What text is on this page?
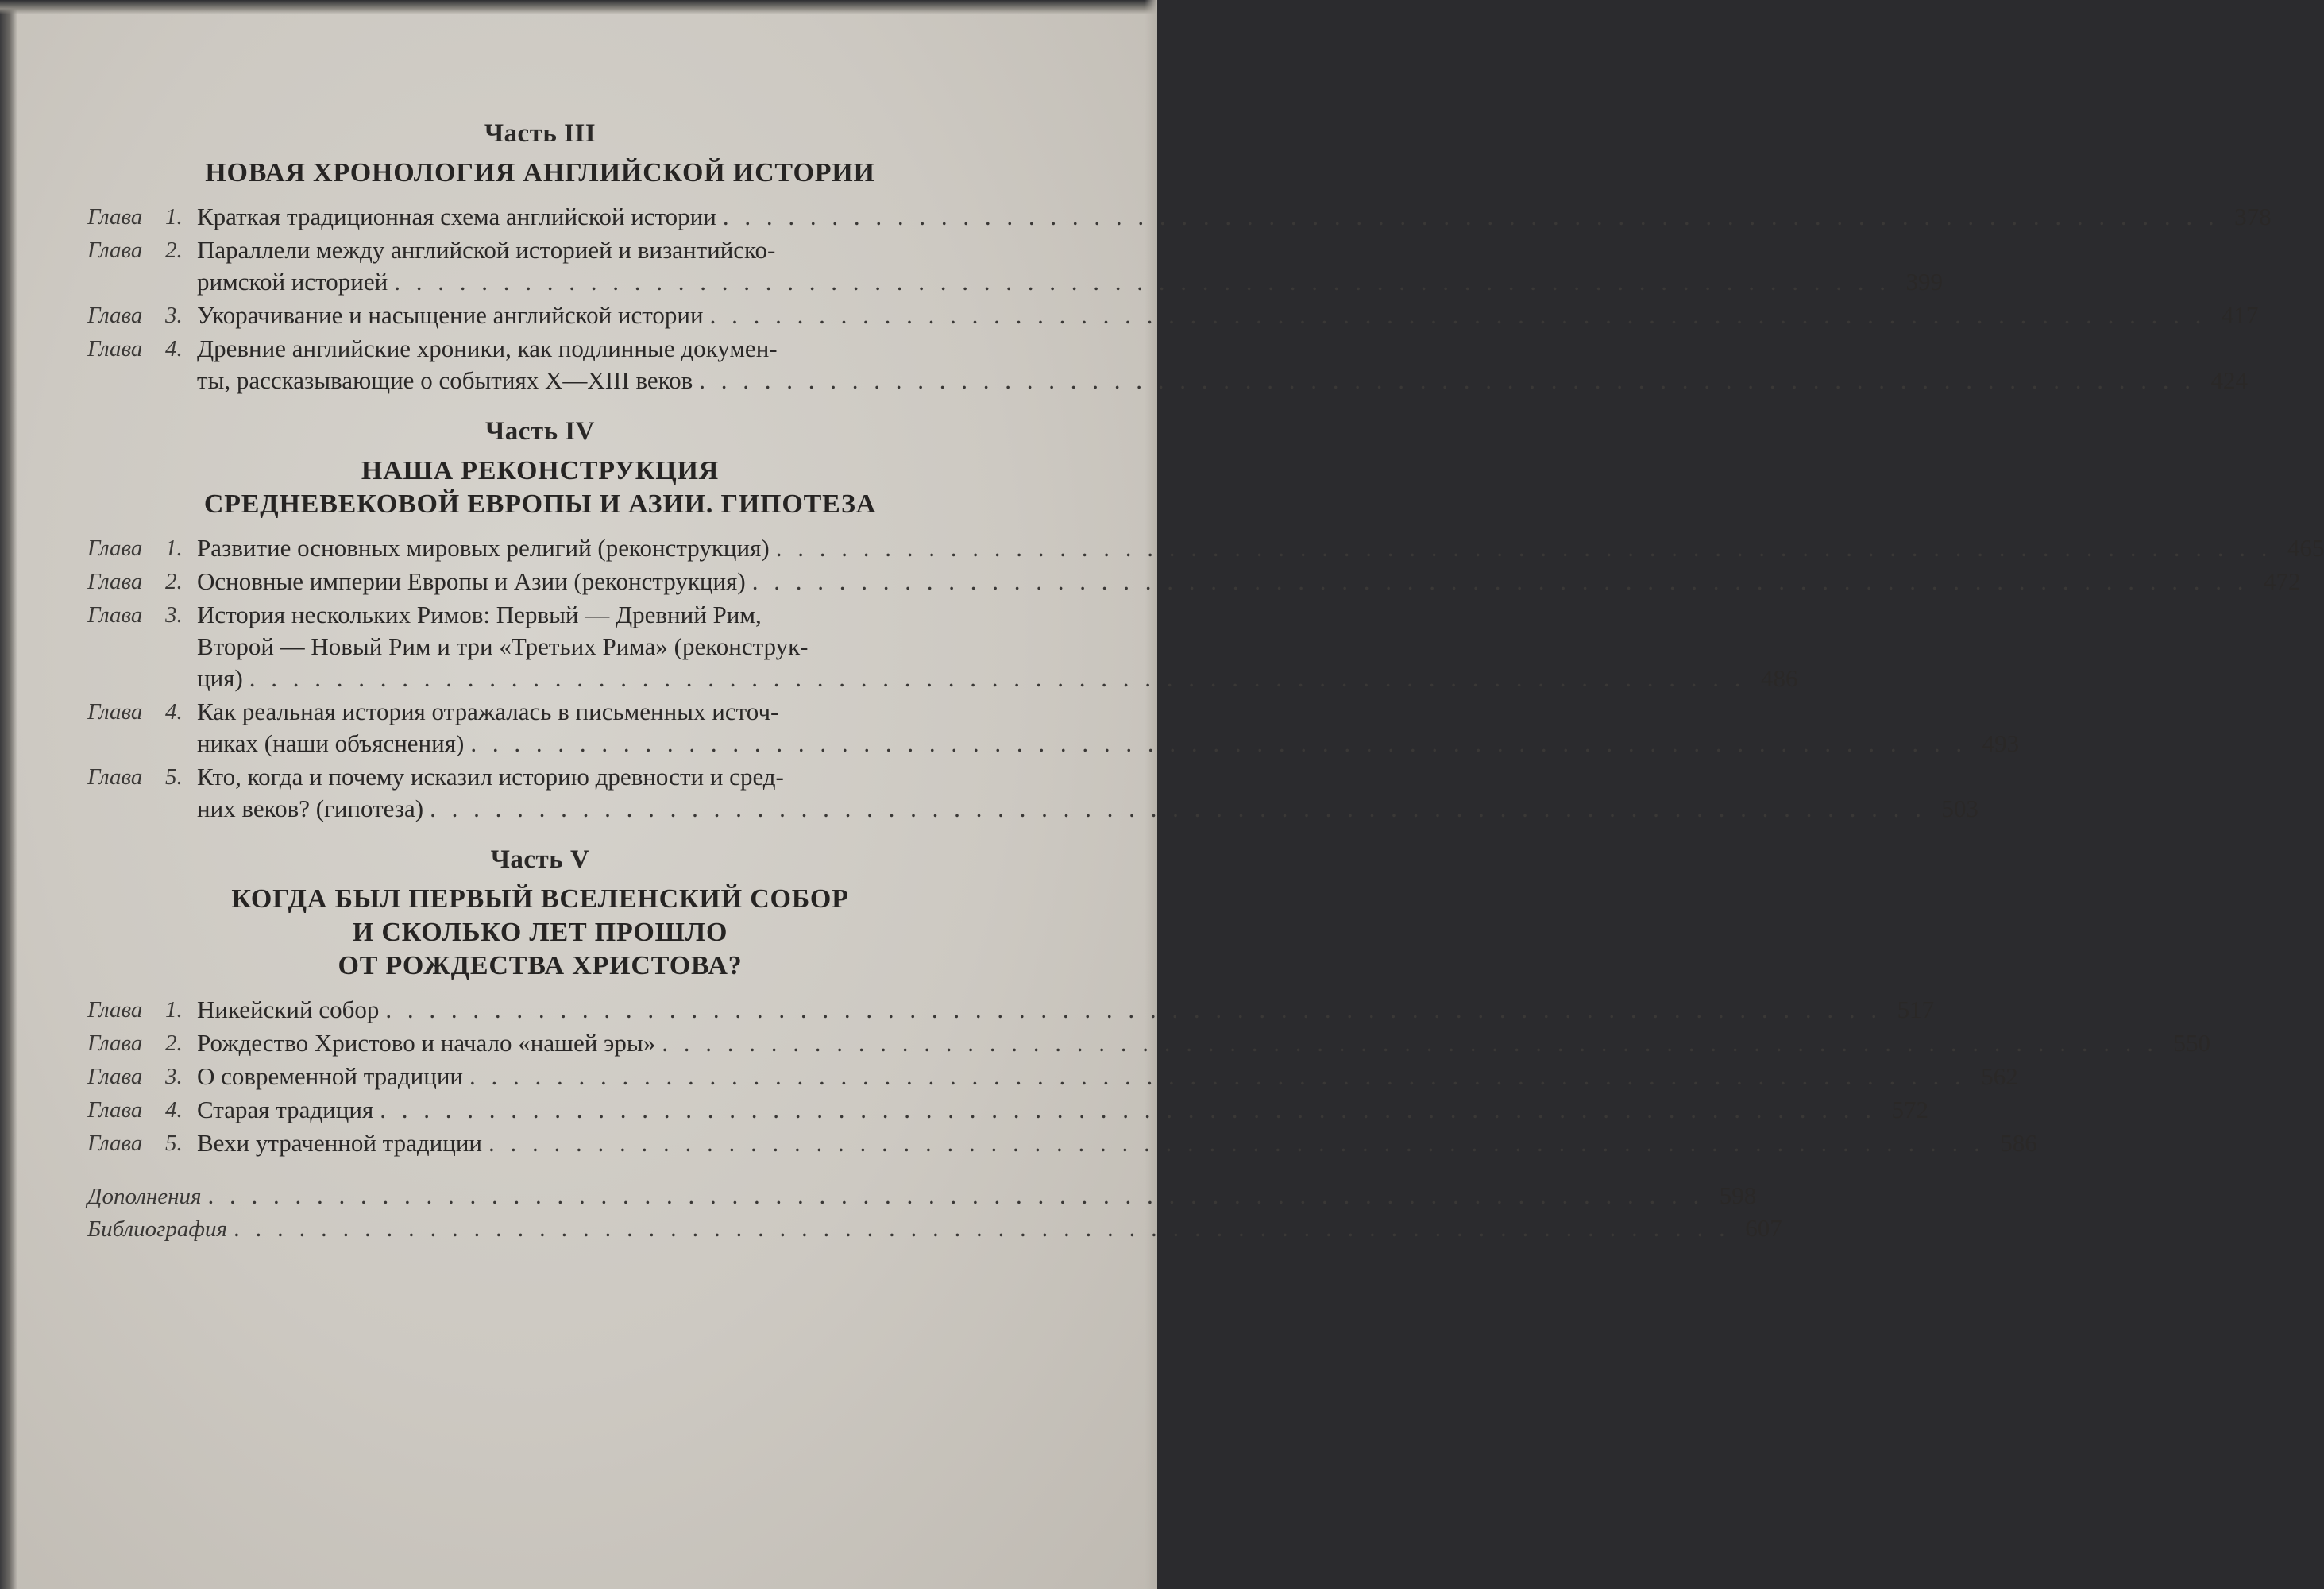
Часть III
НОВАЯ ХРОНОЛОГИЯ АНГЛИЙСКОЙ ИСТОРИИ
Глава 1. Краткая традиционная схема английской истории . . .	378
Глава 2. Параллели между английской историей и византийско-
римской историей . . .	399
Глава 3. Укорачивание и насыщение английской истории . . .	417
Глава 4. Древние английские хроники, как подлинные докумен-
ты, рассказывающие о событиях X—XIII веков . . .	424
Часть IV
НАША РЕКОНСТРУКЦИЯ
СРЕДНЕВЕКОВОЙ ЕВРОПЫ И АЗИИ. ГИПОТЕЗА
Глава 1. Развитие основных мировых религий (реконструкция) . . .	465
Глава 2. Основные империи Европы и Азии (реконструкция) . . .	472
Глава 3. История нескольких Римов: Первый — Древний Рим,
Второй — Новый Рим и три «Третьих Рима» (реконструк-
ция) . . .	486
Глава 4. Как реальная история отражалась в письменных источ-
никах (наши объяснения) . . .	493
Глава 5. Кто, когда и почему исказил историю древности и сред-
них веков? (гипотеза) . . .	503
Часть V
КОГДА БЫЛ ПЕРВЫЙ ВСЕЛЕНСКИЙ СОБОР
И СКОЛЬКО ЛЕТ ПРОШЛО
ОТ РОЖДЕСТВА ХРИСТОВА?
Глава 1. Никейский собор . . .	517
Глава 2. Рождество Христово и начало «нашей эры» . . .	550
Глава 3. О современной традиции . . .	562
Глава 4. Старая традиция . . .	572
Глава 5. Вехи утраченной традиции . . .	586
Дополнения . . .	598
Библиография . . .	607
